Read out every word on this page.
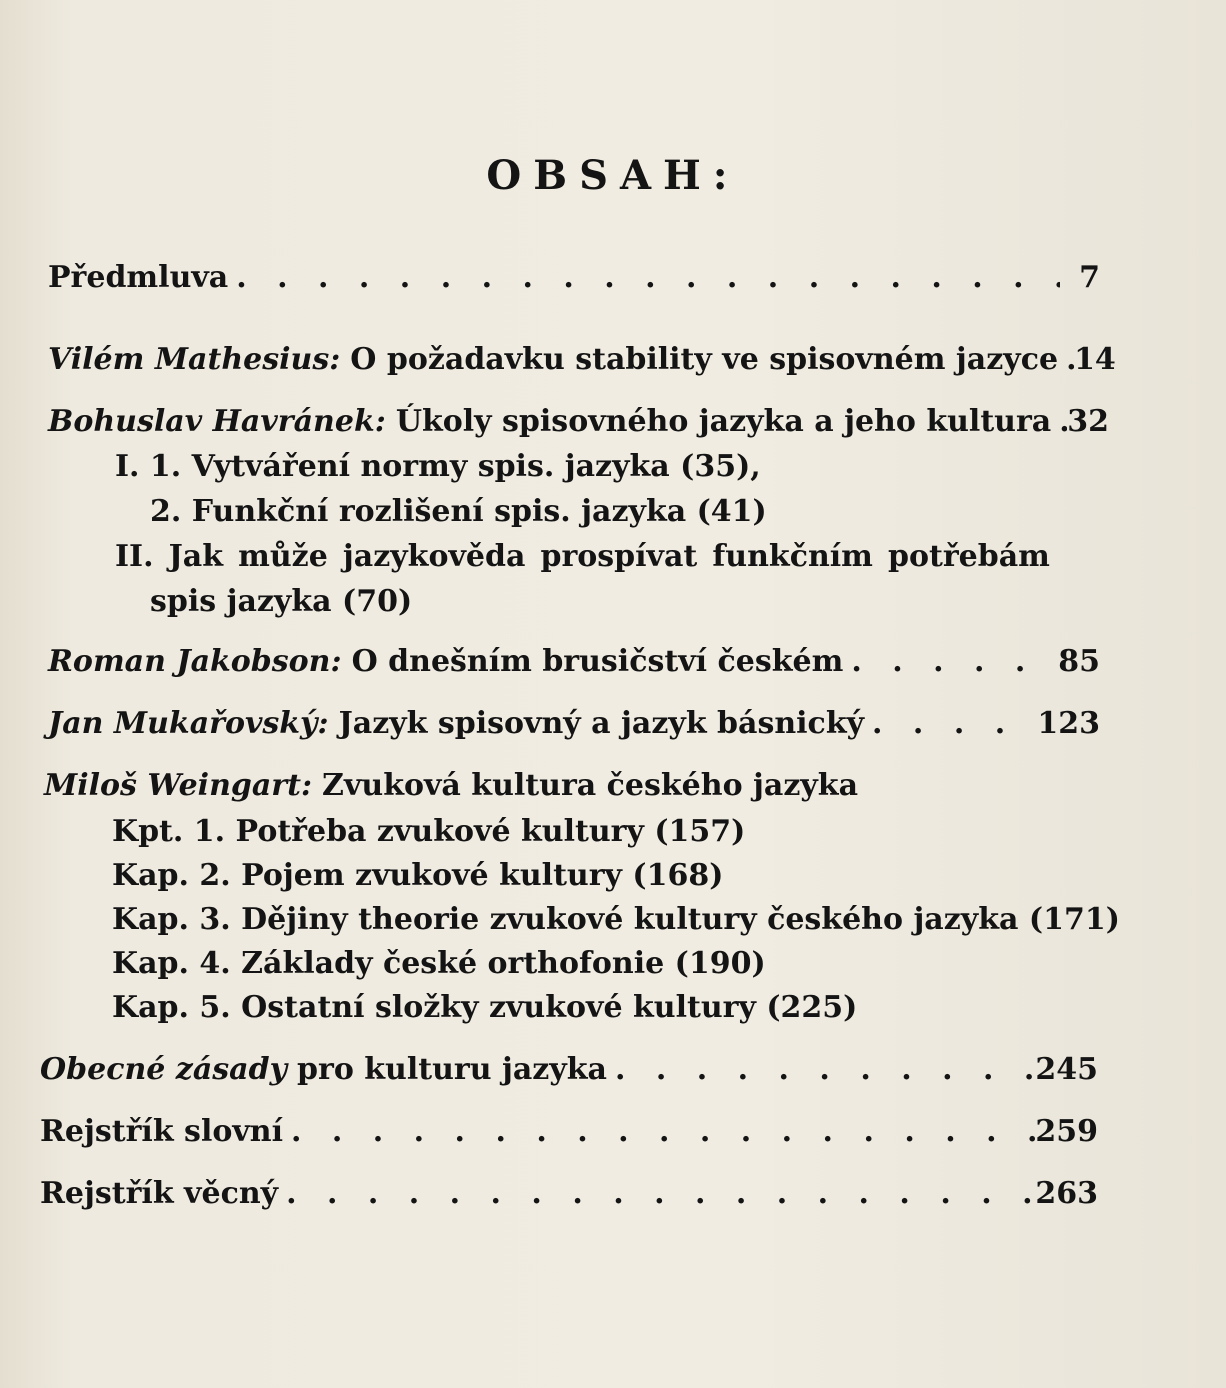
OBSAH:
Předmluva . . .	7
Vilém Mathesius: O požadavku stability ve spisovném jazyce . . . 14
Bohuslav Havránek: Úkoly spisovného jazyka a jeho kultura . . . 32
I. 1. Vytváření normy spis. jazyka (35),
2. Funkční rozlišení spis. jazyka (41)
II. Jak může jazykověda prospívat funkčním potřebám
spis jazyka (70)
Roman Jakobson: O dnešním brusičství českém . . .	85
Jan Mukařovský: Jazyk spisovný a jazyk básnický . . .	123
Miloš Weingart: Zvuková kultura českého jazyka
Kpt. 1. Potřeba zvukové kultury (157)
Kap. 2. Pojem zvukové kultury (168)
Kap. 3. Dějiny theorie zvukové kultury českého jazyka (171)
Kap. 4. Základy české orthofonie (190)
Kap. 5. Ostatní složky zvukové kultury (225)
Obecné zásady pro kulturu jazyka . . .	245
Rejstřík slovní . . .	259
Rejstřík věcný . . .	263
